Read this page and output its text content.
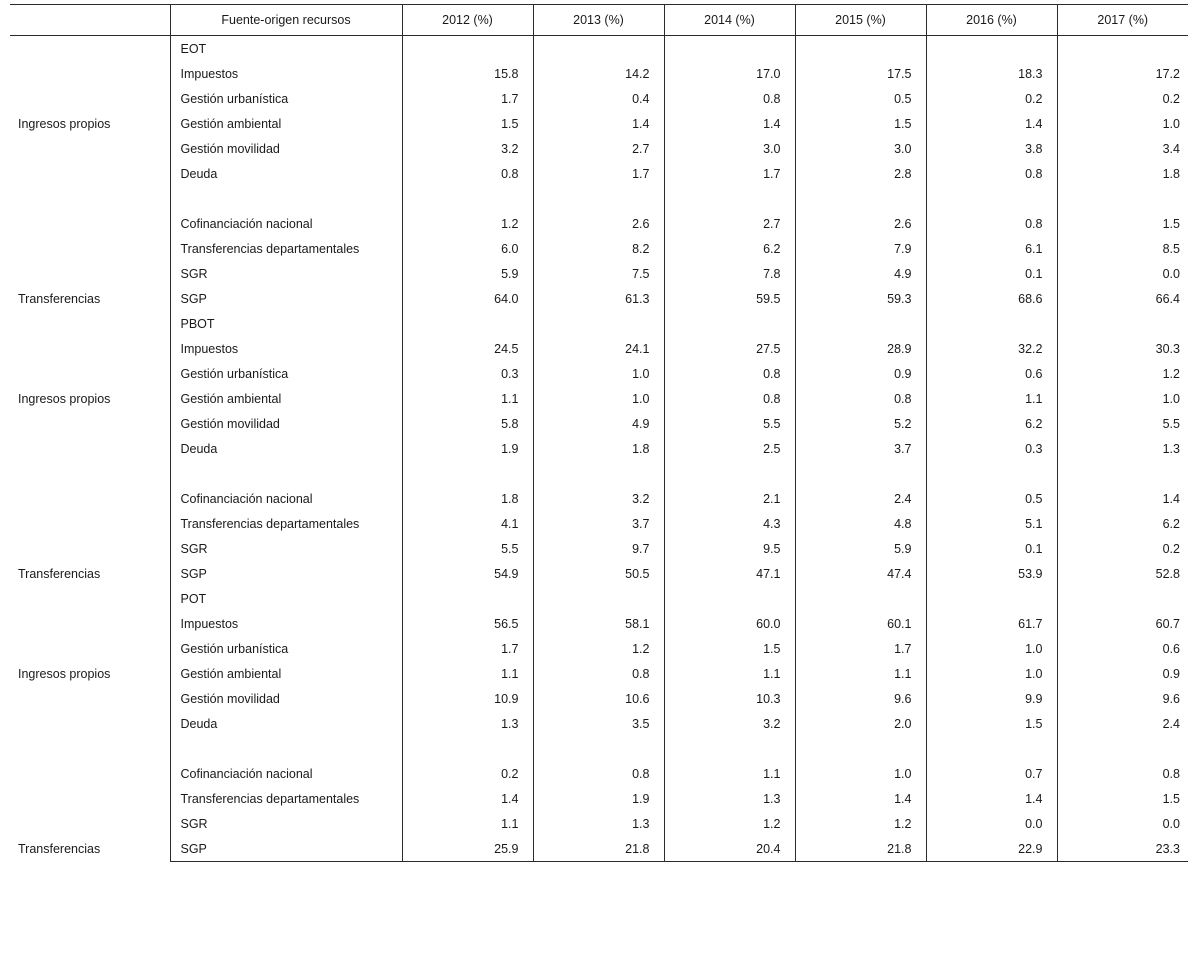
	Fuente-origen recursos	2012 (%)	2013 (%)	2014 (%)	2015 (%)	2016 (%)	2017 (%)
	EOT						
	Impuestos	15.8	14.2	17.0	17.5	18.3	17.2
	Gestión urbanística	1.7	0.4	0.8	0.5	0.2	0.2
Ingresos propios	Gestión ambiental	1.5	1.4	1.4	1.5	1.4	1.0
	Gestión movilidad	3.2	2.7	3.0	3.0	3.8	3.4
	Deuda	0.8	1.7	1.7	2.8	0.8	1.8

	Cofinanciación nacional	1.2	2.6	2.7	2.6	0.8	1.5
	Transferencias departamentales	6.0	8.2	6.2	7.9	6.1	8.5
	SGR	5.9	7.5	7.8	4.9	0.1	0.0
Transferencias	SGP	64.0	61.3	59.5	59.3	68.6	66.4
	PBOT						
	Impuestos	24.5	24.1	27.5	28.9	32.2	30.3
	Gestión urbanística	0.3	1.0	0.8	0.9	0.6	1.2
Ingresos propios	Gestión ambiental	1.1	1.0	0.8	0.8	1.1	1.0
	Gestión movilidad	5.8	4.9	5.5	5.2	6.2	5.5
	Deuda	1.9	1.8	2.5	3.7	0.3	1.3

	Cofinanciación nacional	1.8	3.2	2.1	2.4	0.5	1.4
	Transferencias departamentales	4.1	3.7	4.3	4.8	5.1	6.2
	SGR	5.5	9.7	9.5	5.9	0.1	0.2
Transferencias	SGP	54.9	50.5	47.1	47.4	53.9	52.8
	POT						
	Impuestos	56.5	58.1	60.0	60.1	61.7	60.7
	Gestión urbanística	1.7	1.2	1.5	1.7	1.0	0.6
Ingresos propios	Gestión ambiental	1.1	0.8	1.1	1.1	1.0	0.9
	Gestión movilidad	10.9	10.6	10.3	9.6	9.9	9.6
	Deuda	1.3	3.5	3.2	2.0	1.5	2.4

	Cofinanciación nacional	0.2	0.8	1.1	1.0	0.7	0.8
	Transferencias departamentales	1.4	1.9	1.3	1.4	1.4	1.5
	SGR	1.1	1.3	1.2	1.2	0.0	0.0
Transferencias	SGP	25.9	21.8	20.4	21.8	22.9	23.3
